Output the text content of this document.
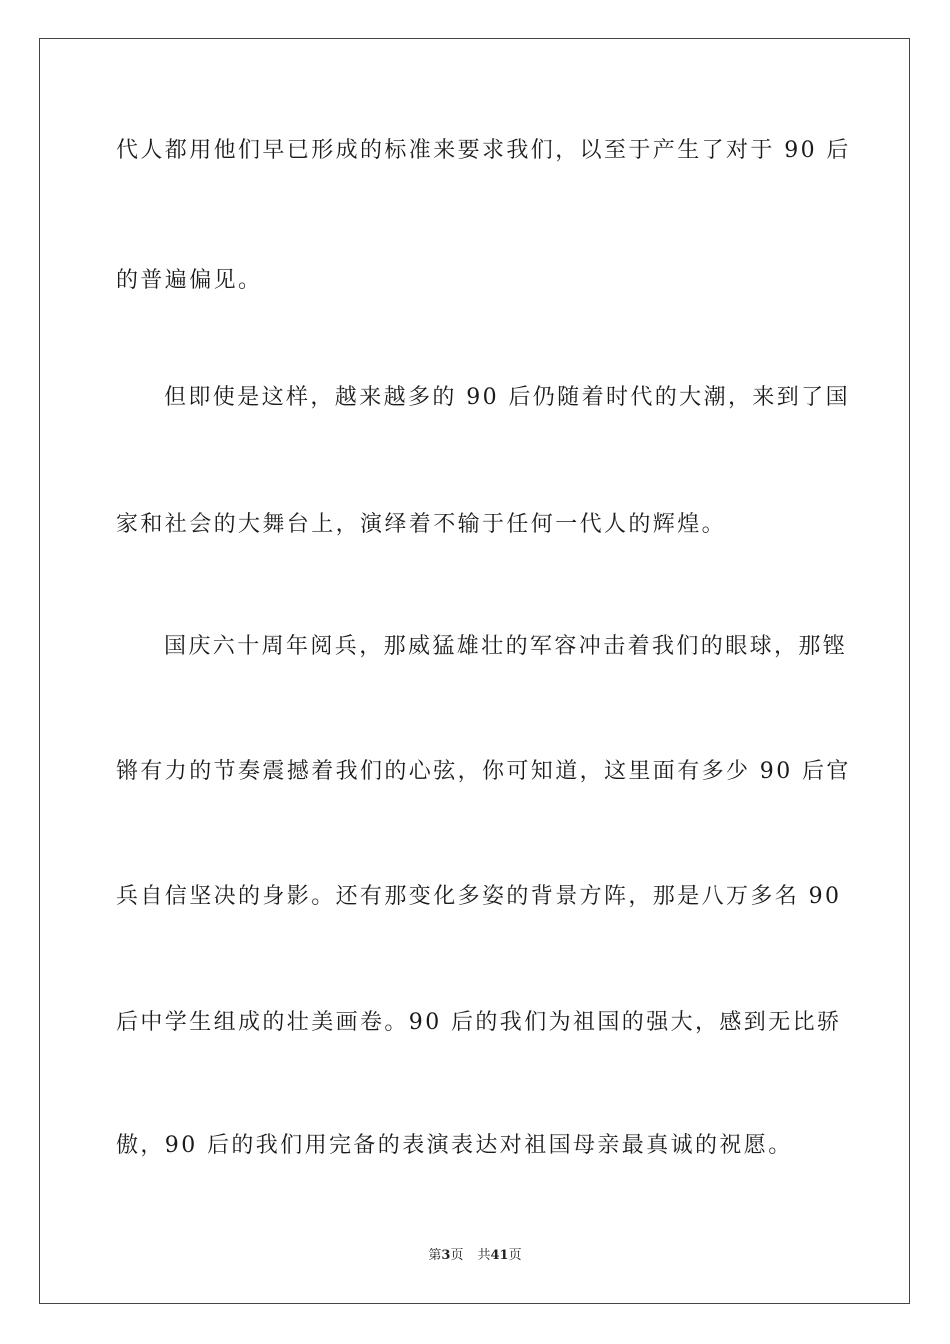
代人都用他们早已形成的标准来要求我们，以至于产生了对于 90 后
的普遍偏见。
但即使是这样，越来越多的 90 后仍随着时代的大潮，来到了国
家和社会的大舞台上，演绎着不输于任何一代人的辉煌。
国庆六十周年阅兵，那威猛雄壮的军容冲击着我们的眼球，那铿
锵有力的节奏震撼着我们的心弦，你可知道，这里面有多少 90 后官
兵自信坚决的身影。还有那变化多姿的背景方阵，那是八万多名 90
后中学生组成的壮美画卷。90 后的我们为祖国的强大，感到无比骄
傲，90 后的我们用完备的表演表达对祖国母亲最真诚的祝愿。
第3页 共41页
